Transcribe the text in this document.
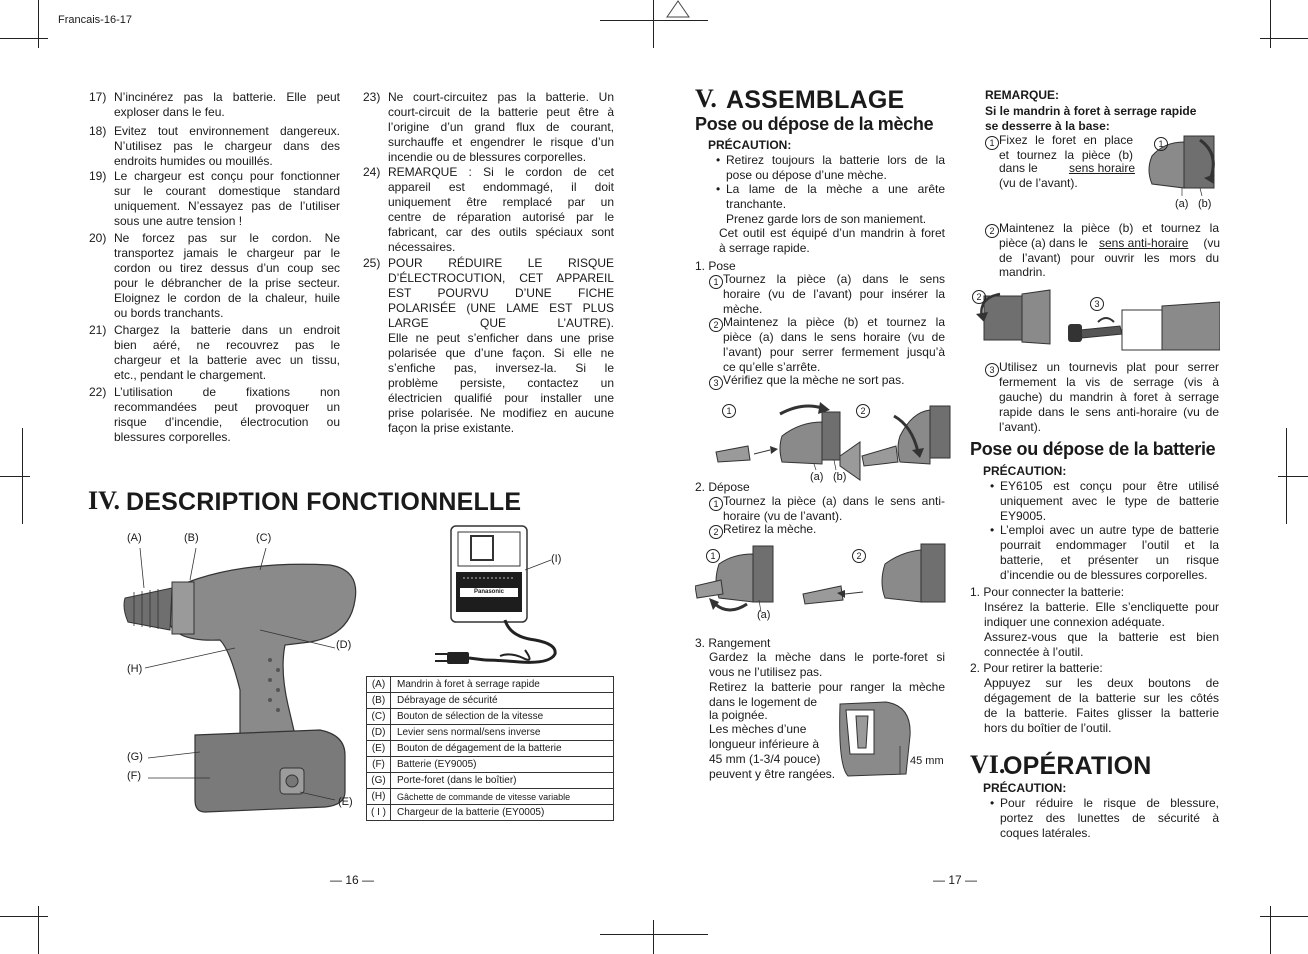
Francais-16-17
17) N’incinérez pas la batterie. Elle peut
exploser dans le feu.
18) Evitez tout environnement dangereux.
N’utilisez pas le chargeur dans des
endroits humides ou mouillés.
19) Le chargeur est conçu pour fonctionner
sur le courant domestique standard
uniquement. N’essayez pas de l’utiliser
sous une autre tension !
20) Ne forcez pas sur le cordon. Ne
transportez jamais le chargeur par le
cordon ou tirez dessus d’un coup sec
pour le débrancher de la prise secteur.
Eloignez le cordon de la chaleur, huile
ou bords tranchants.
21) Chargez la batterie dans un endroit
bien aéré, ne recouvrez pas le
chargeur et la batterie avec un tissu,
etc., pendant le chargement.
22) L’utilisation de fixations non
recommandées peut provoquer un
risque d’incendie, électrocution ou
blessures corporelles.
23) Ne court-circuitez pas la batterie. Un
court-circuit de la batterie peut être à
l’origine d’un grand flux de courant,
surchauffe et engendrer le risque d’un
incendie ou de blessures corporelles.
24) REMARQUE : Si le cordon de cet
appareil est endommagé, il doit
uniquement être remplacé par un
centre de réparation autorisé par le
fabricant, car des outils spéciaux sont
nécessaires.
25) POUR RÉDUIRE LE RISQUE
D’ÉLECTROCUTION, CET APPAREIL
EST POURVU D’UNE FICHE
POLARISÉE (UNE LAME EST PLUS
LARGE QUE L’AUTRE).
Elle ne peut s’enficher dans une prise
polarisée que d’une façon. Si elle ne
s’enfiche pas, inversez-la. Si le
problème persiste, contactez un
électricien qualifié pour installer une
prise polarisée. Ne modifiez en aucune
façon la prise existante.
IV. DESCRIPTION FONCTIONNELLE
(A)	(B)	(C)
(D)
(H)
(G)
(F)
(E)
(I)
Panasonic
(A)	Mandrin à foret à serrage rapide
(B)	Débrayage de sécurité
(C)	Bouton de sélection de la vitesse
(D)	Levier sens normal/sens inverse
(E)	Bouton de dégagement de la batterie
(F)	Batterie (EY9005)
(G)	Porte-foret (dans le boîtier)
(H)	Gâchette de commande de vitesse variable
( I )	Chargeur de la batterie (EY0005)
V. ASSEMBLAGE
Pose ou dépose de la mèche
PRÉCAUTION:
• Retirez toujours la batterie lors de la
pose ou dépose d’une mèche.
• La lame de la mèche a une arête
tranchante.
Prenez garde lors de son maniement.
Cet outil est équipé d’un mandrin à foret
à serrage rapide.
1. Pose
1 Tournez la pièce (a) dans le sens
horaire (vu de l’avant) pour insérer la
mèche.
2 Maintenez la pièce (b) et tournez la
pièce (a) dans le sens horaire (vu de
l’avant) pour serrer fermement jusqu’à
ce qu’elle s’arrête.
3 Vérifiez que la mèche ne sort pas.
1	2
(a) (b)
2. Dépose
1 Tournez la pièce (a) dans le sens anti-
horaire (vu de l’avant).
2 Retirez la mèche.
1	2
(a)
3. Rangement
Gardez la mèche dans le porte-foret si
vous ne l’utilisez pas.
Retirez la batterie pour ranger la mèche
dans le logement de
la poignée.
Les mèches d’une
longueur inférieure à
45 mm (1-3/4 pouce)
peuvent y être rangées.
45 mm
REMARQUE:
Si le mandrin à foret à serrage rapide
se desserre à la base:
1 Fixez le foret en place
et tournez la pièce (b)
dans le	sens horaire
(vu de l’avant).
1
(a) (b)
2 Maintenez la pièce (b) et tournez la
pièce (a) dans le sens anti-horaire	(vu
de l’avant) pour ouvrir les mors du
mandrin.
2
3
3 Utilisez un tournevis plat pour serrer
fermement la vis de serrage (vis à
gauche) du mandrin à foret à serrage
rapide dans le sens anti-horaire (vu de
l’avant).
Pose ou dépose de la batterie
PRÉCAUTION:
• EY6105 est conçu pour être utilisé
uniquement avec le type de batterie
EY9005.
• L’emploi avec un autre type de batterie
pourrait endommager l’outil et la
batterie, et présenter un risque
d’incendie ou de blessures corporelles.
1. Pour connecter la batterie:
Insérez la batterie. Elle s’encliquette pour
indiquer une connexion adéquate.
Assurez-vous que la batterie est bien
connectée à l’outil.
2. Pour retirer la batterie:
Appuyez sur les deux boutons de
dégagement de la batterie sur les côtés
de la batterie. Faites glisser la batterie
hors du boîtier de l’outil.
VI.
OPÉRATION
PRÉCAUTION:
• Pour réduire le risque de blessure,
portez des lunettes de sécurité à
coques latérales.
— 16 —	— 17 —
